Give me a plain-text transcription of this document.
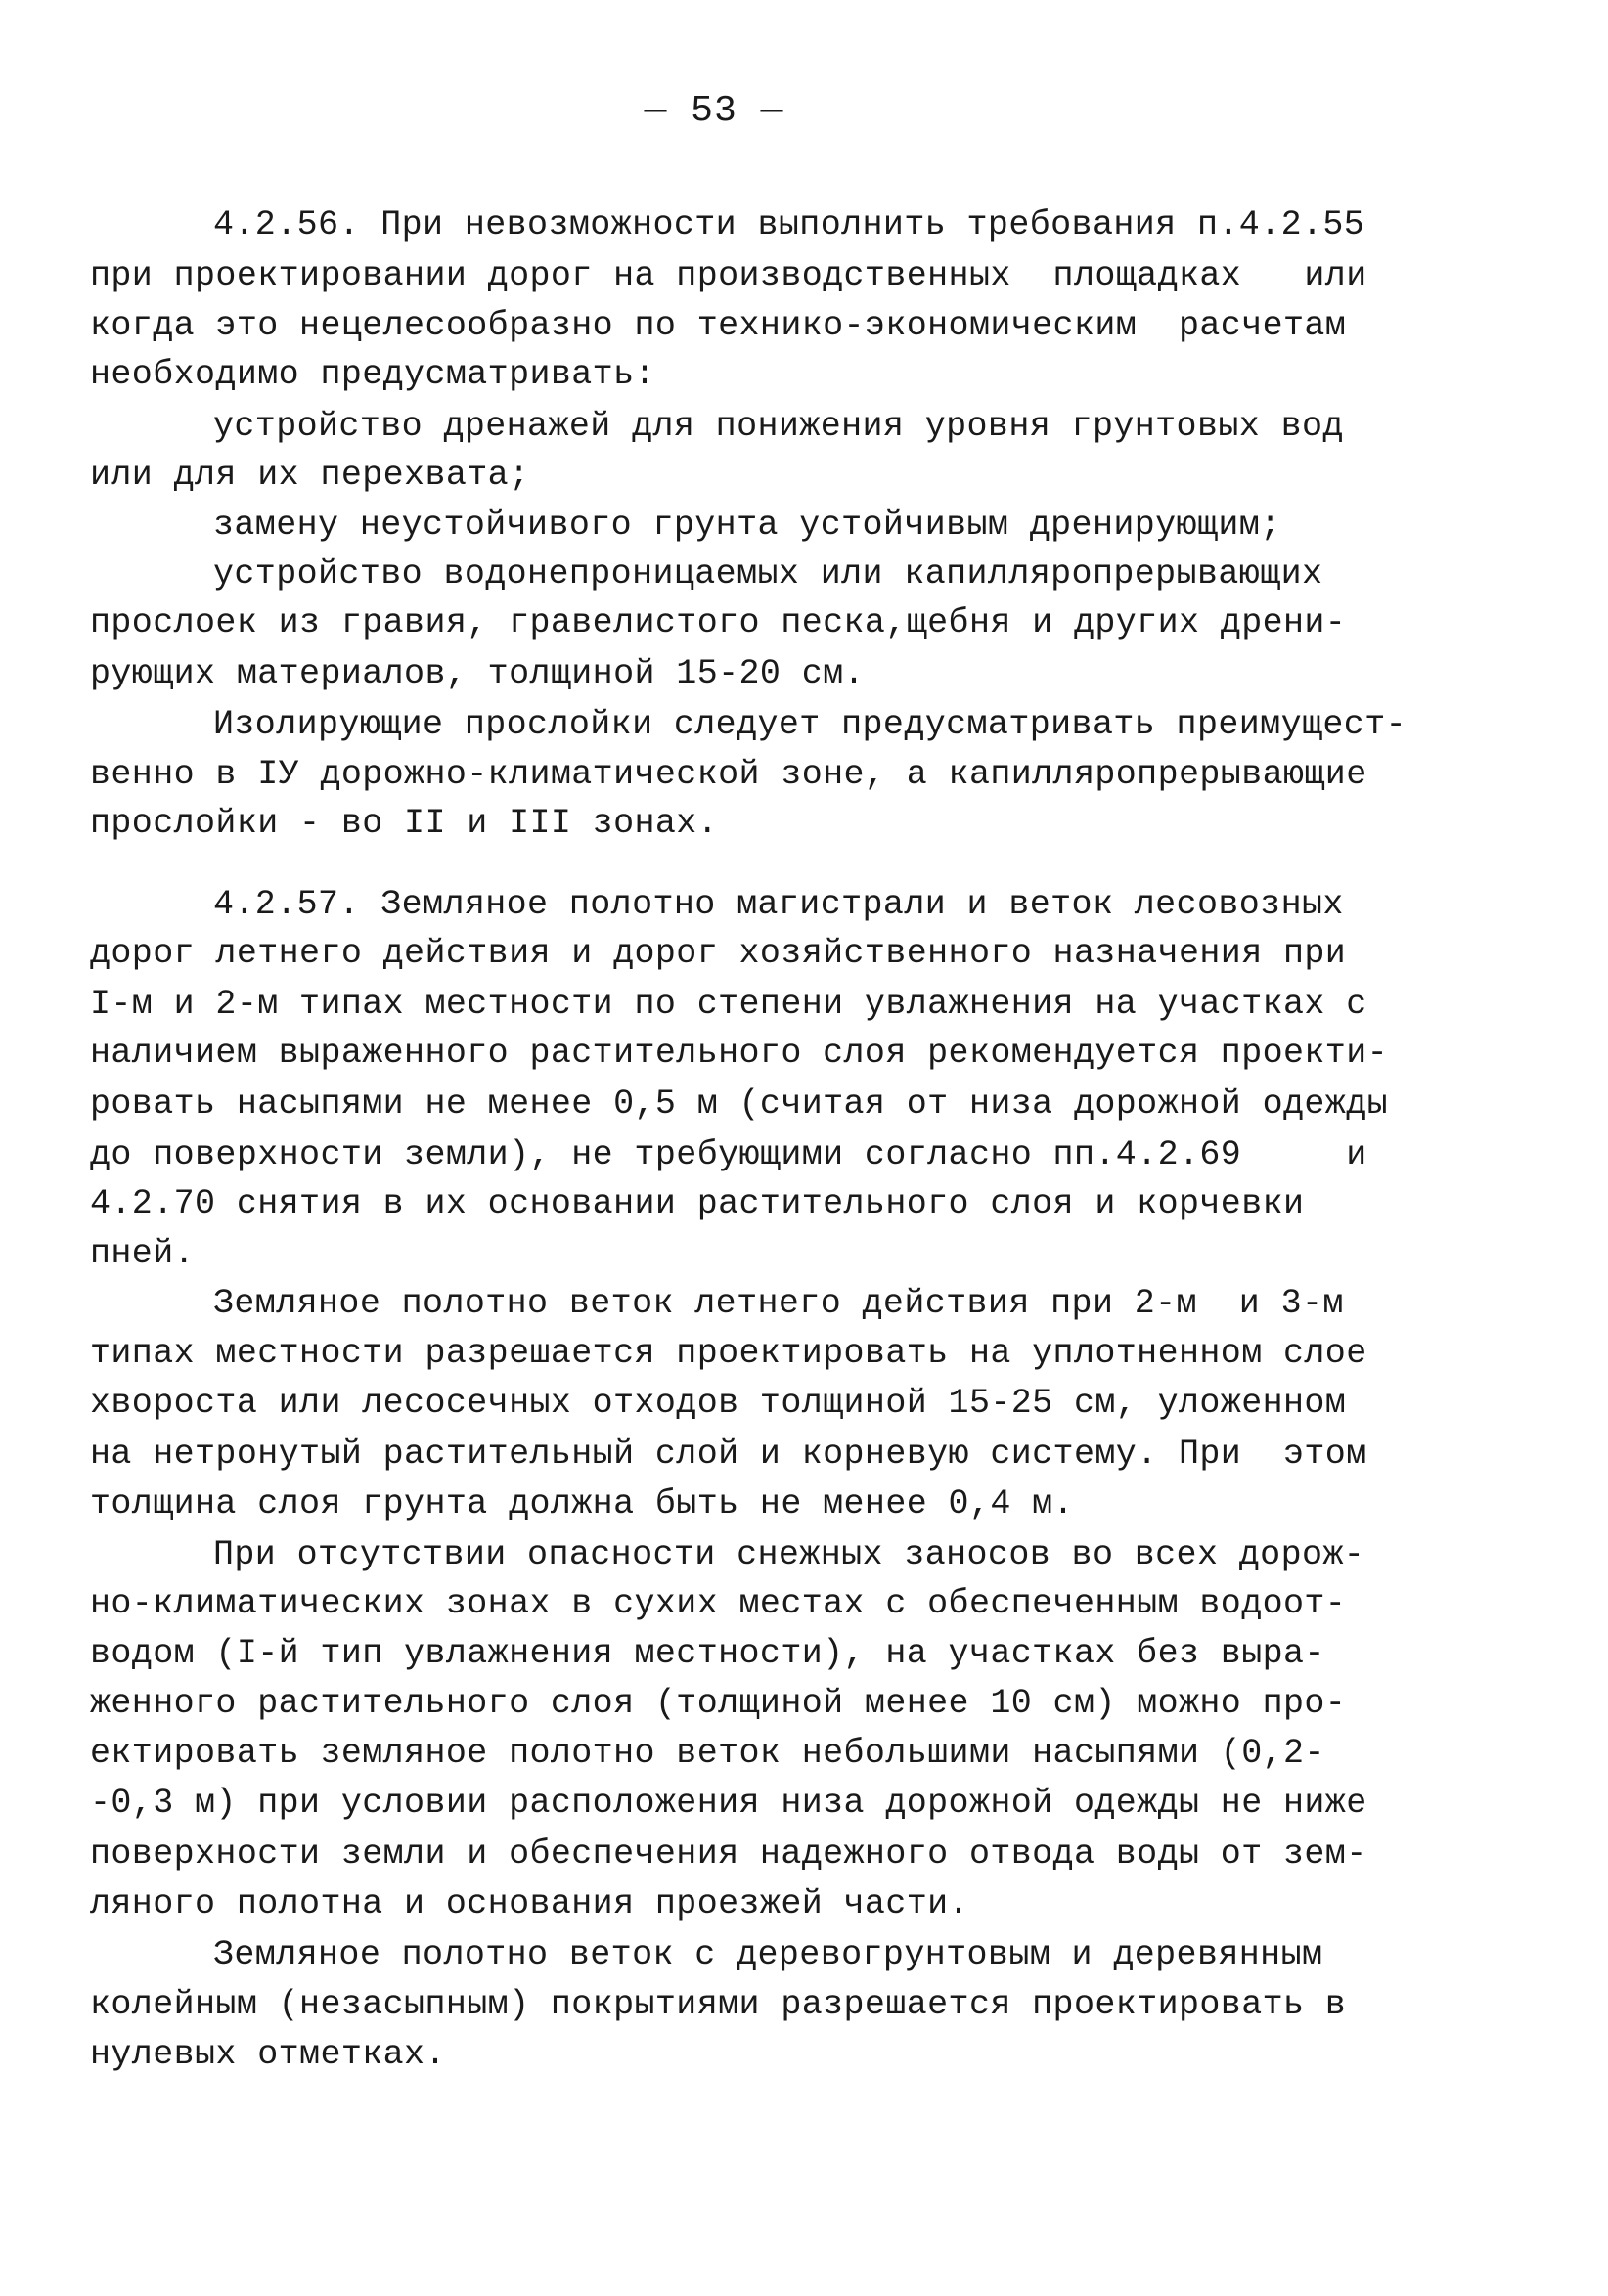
— 53 —
4.2.56. При невозможности выполнить требования п.4.2.55
при проектировании дорог на производственных  площадках   или
когда это нецелесообразно по технико-экономическим  расчетам
необходимо предусматривать:
устройство дренажей для понижения уровня грунтовых вод
или для их перехвата;
замену неустойчивого грунта устойчивым дренирующим;
устройство водонепроницаемых или капилляропрерывающих
прослоек из гравия, гравелистого песка,щебня и других дрени-
рующих материалов, толщиной 15-20 см.
Изолирующие прослойки следует предусматривать преимущест-
венно в IУ дорожно-климатической зоне, а капилляропрерывающие
прослойки - во II и III зонах.
4.2.57. Земляное полотно магистрали и веток лесовозных
дорог летнего действия и дорог хозяйственного назначения при
I-м и 2-м типах местности по степени увлажнения на участках с
наличием выраженного растительного слоя рекомендуется проекти-
ровать насыпями не менее 0,5 м (считая от низа дорожной одежды
до поверхности земли), не требующими согласно пп.4.2.69     и
4.2.70 снятия в их основании растительного слоя и корчевки
пней.
Земляное полотно веток летнего действия при 2-м  и 3-м
типах местности разрешается проектировать на уплотненном слое
хвороста или лесосечных отходов толщиной 15-25 см, уложенном
на нетронутый растительный слой и корневую систему. При  этом
толщина слоя грунта должна быть не менее 0,4 м.
При отсутствии опасности снежных заносов во всех дорож-
но-климатических зонах в сухих местах с обеспеченным водоот-
водом (I-й тип увлажнения местности), на участках без выра-
женного растительного слоя (толщиной менее 10 см) можно про-
ектировать земляное полотно веток небольшими насыпями (0,2-
-0,3 м) при условии расположения низа дорожной одежды не ниже
поверхности земли и обеспечения надежного отвода воды от зем-
ляного полотна и основания проезжей части.
Земляное полотно веток с деревогрунтовым и деревянным
колейным (незасыпным) покрытиями разрешается проектировать в
нулевых отметках.
